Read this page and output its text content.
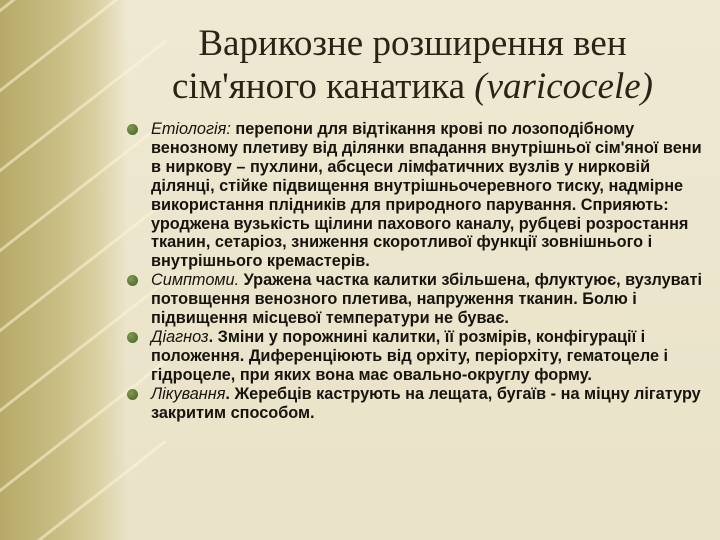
Варикозне розширення вен
сім'яного канатика (varicocele)
Етіологія: перепони для відтікання крові по лозоподібному венозному плетиву від ділянки впадання внутрішньої сім'яної вени в ниркову – пухлини, абсцеси лімфатичних вузлів у нирковій ділянці, стійке підвищення внутрішньочеревного тиску, надмірне використання плідників для природного парування. Сприяють: уроджена вузькість щілини пахового каналу, рубцеві розростання тканин, сетаріоз, зниження скоротливої функції зовнішнього і внутрішнього кремастерів.
Симптоми. Уражена частка калитки збільшена, флуктуює, вузлуваті потовщення венозного плетива, напруження тканин. Болю і підвищення місцевої температури не буває.
Діагноз. Зміни у порожнині калитки, її розмірів, конфігурації і положення. Диференціюють від орхіту, періорхіту, гематоцеле і гідроцеле, при яких вона має овально-округлу форму.
Лікування. Жеребців каструють на лещата, бугаїв - на міцну лігатуру закритим способом.
